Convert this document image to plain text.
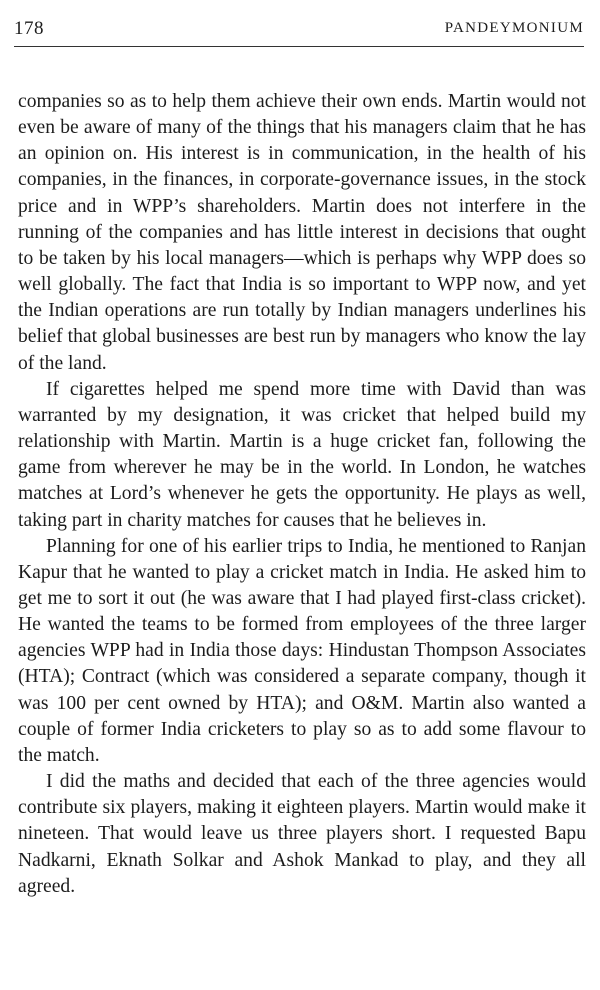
178	PANDEYMONIUM

companies so as to help them achieve their own ends. Martin would not even be aware of many of the things that his managers claim that he has an opinion on. His interest is in communication, in the health of his companies, in the finances, in corporate-governance issues, in the stock price and in WPP’s shareholders. Martin does not interfere in the running of the companies and has little interest in decisions that ought to be taken by his local managers—which is perhaps why WPP does so well globally. The fact that India is so important to WPP now, and yet the Indian operations are run totally by Indian managers underlines his belief that global businesses are best run by managers who know the lay of the land.

If cigarettes helped me spend more time with David than was warranted by my designation, it was cricket that helped build my relationship with Martin. Martin is a huge cricket fan, following the game from wherever he may be in the world. In London, he watches matches at Lord’s whenever he gets the opportunity. He plays as well, taking part in charity matches for causes that he believes in.

Planning for one of his earlier trips to India, he mentioned to Ranjan Kapur that he wanted to play a cricket match in India. He asked him to get me to sort it out (he was aware that I had played first-class cricket). He wanted the teams to be formed from employees of the three larger agencies WPP had in India those days: Hindustan Thompson Associates (HTA); Contract (which was considered a separate company, though it was 100 per cent owned by HTA); and O&M. Martin also wanted a couple of former India cricketers to play so as to add some flavour to the match.

I did the maths and decided that each of the three agencies would contribute six players, making it eighteen players. Martin would make it nineteen. That would leave us three players short. I requested Bapu Nadkarni, Eknath Solkar and Ashok Mankad to play, and they all agreed.
